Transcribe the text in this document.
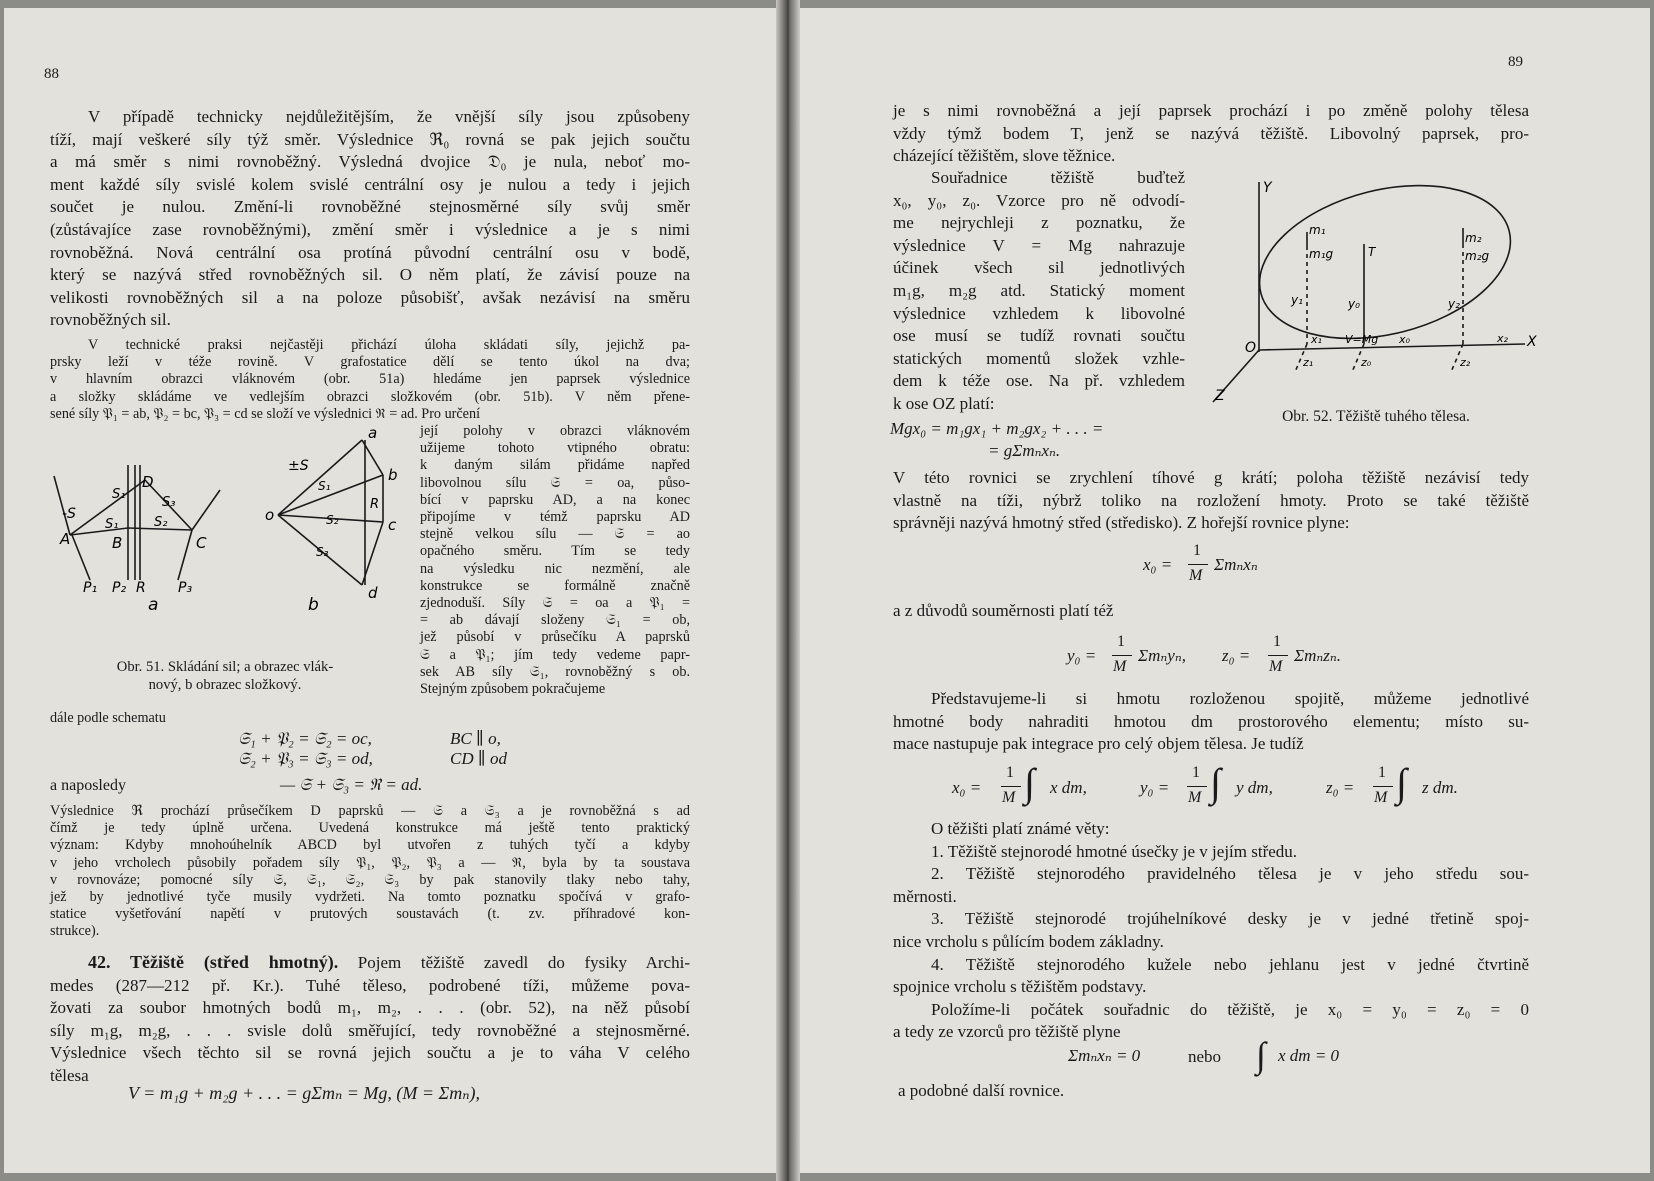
88
V případě technicky nejdůležitějším, že vnější síly jsou způsobeny
tíží, mají veškeré síly týž směr. Výslednice ℜ₀ rovná se pak jejich součtu
a má směr s nimi rovnoběžný. Výsledná dvojice 𝔇₀ je nula, neboť mo-
ment každé síly svislé kolem svislé centrální osy je nulou a tedy i jejich
součet je nulou. Změní-li rovnoběžné stejnosměrné síly svůj směr
(zůstávajíce zase rovnoběžnými), změní směr i výslednice a je s nimi
rovnoběžná. Nová centrální osa protíná původní centrální osu v bodě,
který se nazývá střed rovnoběžných sil. O něm platí, že závisí pouze na
velikosti rovnoběžných sil a na poloze působišť, avšak nezávisí na směru
rovnoběžných sil.
V technické praksi nejčastěji přichází úloha skládati síly, jejichž pa-
prsky leží v téže rovině. V grafostatice dělí se tento úkol na dva;
v hlavním obrazci vláknovém (obr. 51a) hledáme jen paprsek výslednice
a složky skládáme ve vedlejším obrazci složkovém (obr. 51b). V něm přene-
sené síly 𝔓₁ = ab, 𝔓₂ = bc, 𝔓₃ = cd se složí ve výslednici ℜ = ad. Pro určení
její polohy v obrazci vláknovém
užijeme tohoto vtipného obratu:
k daným silám přidáme napřed
libovolnou sílu 𝔖 = oa, půso-
bící v paprsku AD, a na konec
připojíme v témž paprsku AD
stejně velkou sílu — 𝔖 = ao
opačného směru. Tím se tedy
na výsledku nic nezmění, ale
konstrukce se formálně značně
zjednoduší. Síly 𝔖 = oa a 𝔓₁ =
= ab dávají složeny 𝔖₁ = ob,
jež působí v průsečíku A paprsků
𝔖 a 𝔓₁; jím tedy vedeme papr-
sek AB síly 𝔖₁, rovnoběžný s ob.
Stejným způsobem pokračujeme
-S
A	B	C
D
S₁
S₁	S₂
S₃
P₁ P₂ R P₃
a	b
±S
o
a
b
c
d
S₁
S₂
S₃
R
Obr. 51. Skládání sil; a obrazec vlák-
nový, b obrazec složkový.
dále podle schematu
𝔖₁ + 𝔓₂ = 𝔖₂ = oc,	BC ∥ o,
𝔖₂ + 𝔓₃ = 𝔖₃ = od,	CD ∥ od
a naposledy	— 𝔖 + 𝔖₃ = ℜ = ad.
Výslednice ℜ prochází průsečíkem D paprsků — 𝔖 a 𝔖₃ a je rovnoběžná s ad
čímž je tedy úplně určena. Uvedená konstrukce má ještě tento praktický
význam: Kdyby mnohoúhelník ABCD byl utvořen z tuhých tyčí a kdyby
v jeho vrcholech působily pořadem síly 𝔓₁, 𝔓₂, 𝔓₃ a — ℜ, byla by ta soustava
v rovnováze; pomocné síly 𝔖, 𝔖₁, 𝔖₂, 𝔖₃ by pak stanovily tlaky nebo tahy,
jež by jednotlivé tyče musily vydržeti. Na tomto poznatku spočívá v grafo-
statice vyšetřování napětí v prutových soustavách (t. zv. příhradové kon-
strukce).
42. Těžiště (střed hmotný). Pojem těžiště zavedl do fysiky Archi-
medes (287—212 př. Kr.). Tuhé těleso, podrobené tíži, můžeme pova-
žovati za soubor hmotných bodů m₁, m₂, . . . (obr. 52), na něž působí
síly m₁g, m₂g, . . . svisle dolů směřující, tedy rovnoběžné a stejnosměrné.
Výslednice všech těchto sil se rovná jejich součtu a je to váha V celého
tělesa
V = m₁g + m₂g + . . . = gΣmₙ = Mg, (M = Σmₙ),
89
je s nimi rovnoběžná a její paprsek prochází i po změně polohy tělesa
vždy týmž bodem T, jenž se nazývá těžiště. Libovolný paprsek, pro-
cházející těžištěm, slove těžnice.
Souřadnice těžiště buďtež
x₀, y₀, z₀. Vzorce pro ně odvodí-
me nejrychleji z poznatku, že
výslednice V = Mg nahrazuje
účinek všech sil jednotlivých
m₁g, m₂g atd. Statický moment
výslednice vzhledem k libovolné
ose musí se tudíž rovnati součtu
statických momentů složek vzhle-
dem k téže ose. Na př. vzhledem
k ose OZ platí:
Mgx₀ = m₁gx₁ + m₂gx₂ + . . . =
= gΣmₙxₙ.
Y
X
Z
O
m₁
m₁g	T
m₂
m₂g
y₁	y₀	y₂
x₁ V=Mg x₀	x₂
z₁	z₀	z₂
Obr. 52. Těžiště tuhého tělesa.
V této rovnici se zrychlení tíhové g krátí; poloha těžiště nezávisí tedy
vlastně na tíži, nýbrž toliko na rozložení hmoty. Proto se také těžiště
správněji nazývá hmotný střed (středisko). Z hořejší rovnice plyne:
x₀ =
1
M
Σmₙxₙ
a z důvodů souměrnosti platí též
y₀ =
1
M
Σmₙyₙ, z₀ =
1
M
Σmₙzₙ.
Představujeme-li si hmotu rozloženou spojitě, můžeme jednotlivé
hmotné body nahraditi hmotou dm prostorového elementu; místo su-
mace nastupuje pak integrace pro celý objem tělesa. Je tudíž
x₀ =
1
M ∫ x dm,	y₀ =
1
M ∫ y dm,	z₀ =
1
M ∫ z dm.
O těžišti platí známé věty:
1. Těžiště stejnorodé hmotné úsečky je v jejím středu.
2. Těžiště stejnorodého pravidelného tělesa je v jeho středu sou-
měrnosti.
3. Těžiště stejnorodé trojúhelníkové desky je v jedné třetině spoj-
nice vrcholu s půlícím bodem základny.
4. Těžiště stejnorodého kužele nebo jehlanu jest v jedné čtvrtině
spojnice vrcholu s těžištěm podstavy.
Položíme-li počátek souřadnic do těžiště, je x₀ = y₀ = z₀ = 0
a tedy ze vzorců pro těžiště plyne
Σmₙxₙ = 0	nebo ∫ x dm = 0
a podobné další rovnice.
